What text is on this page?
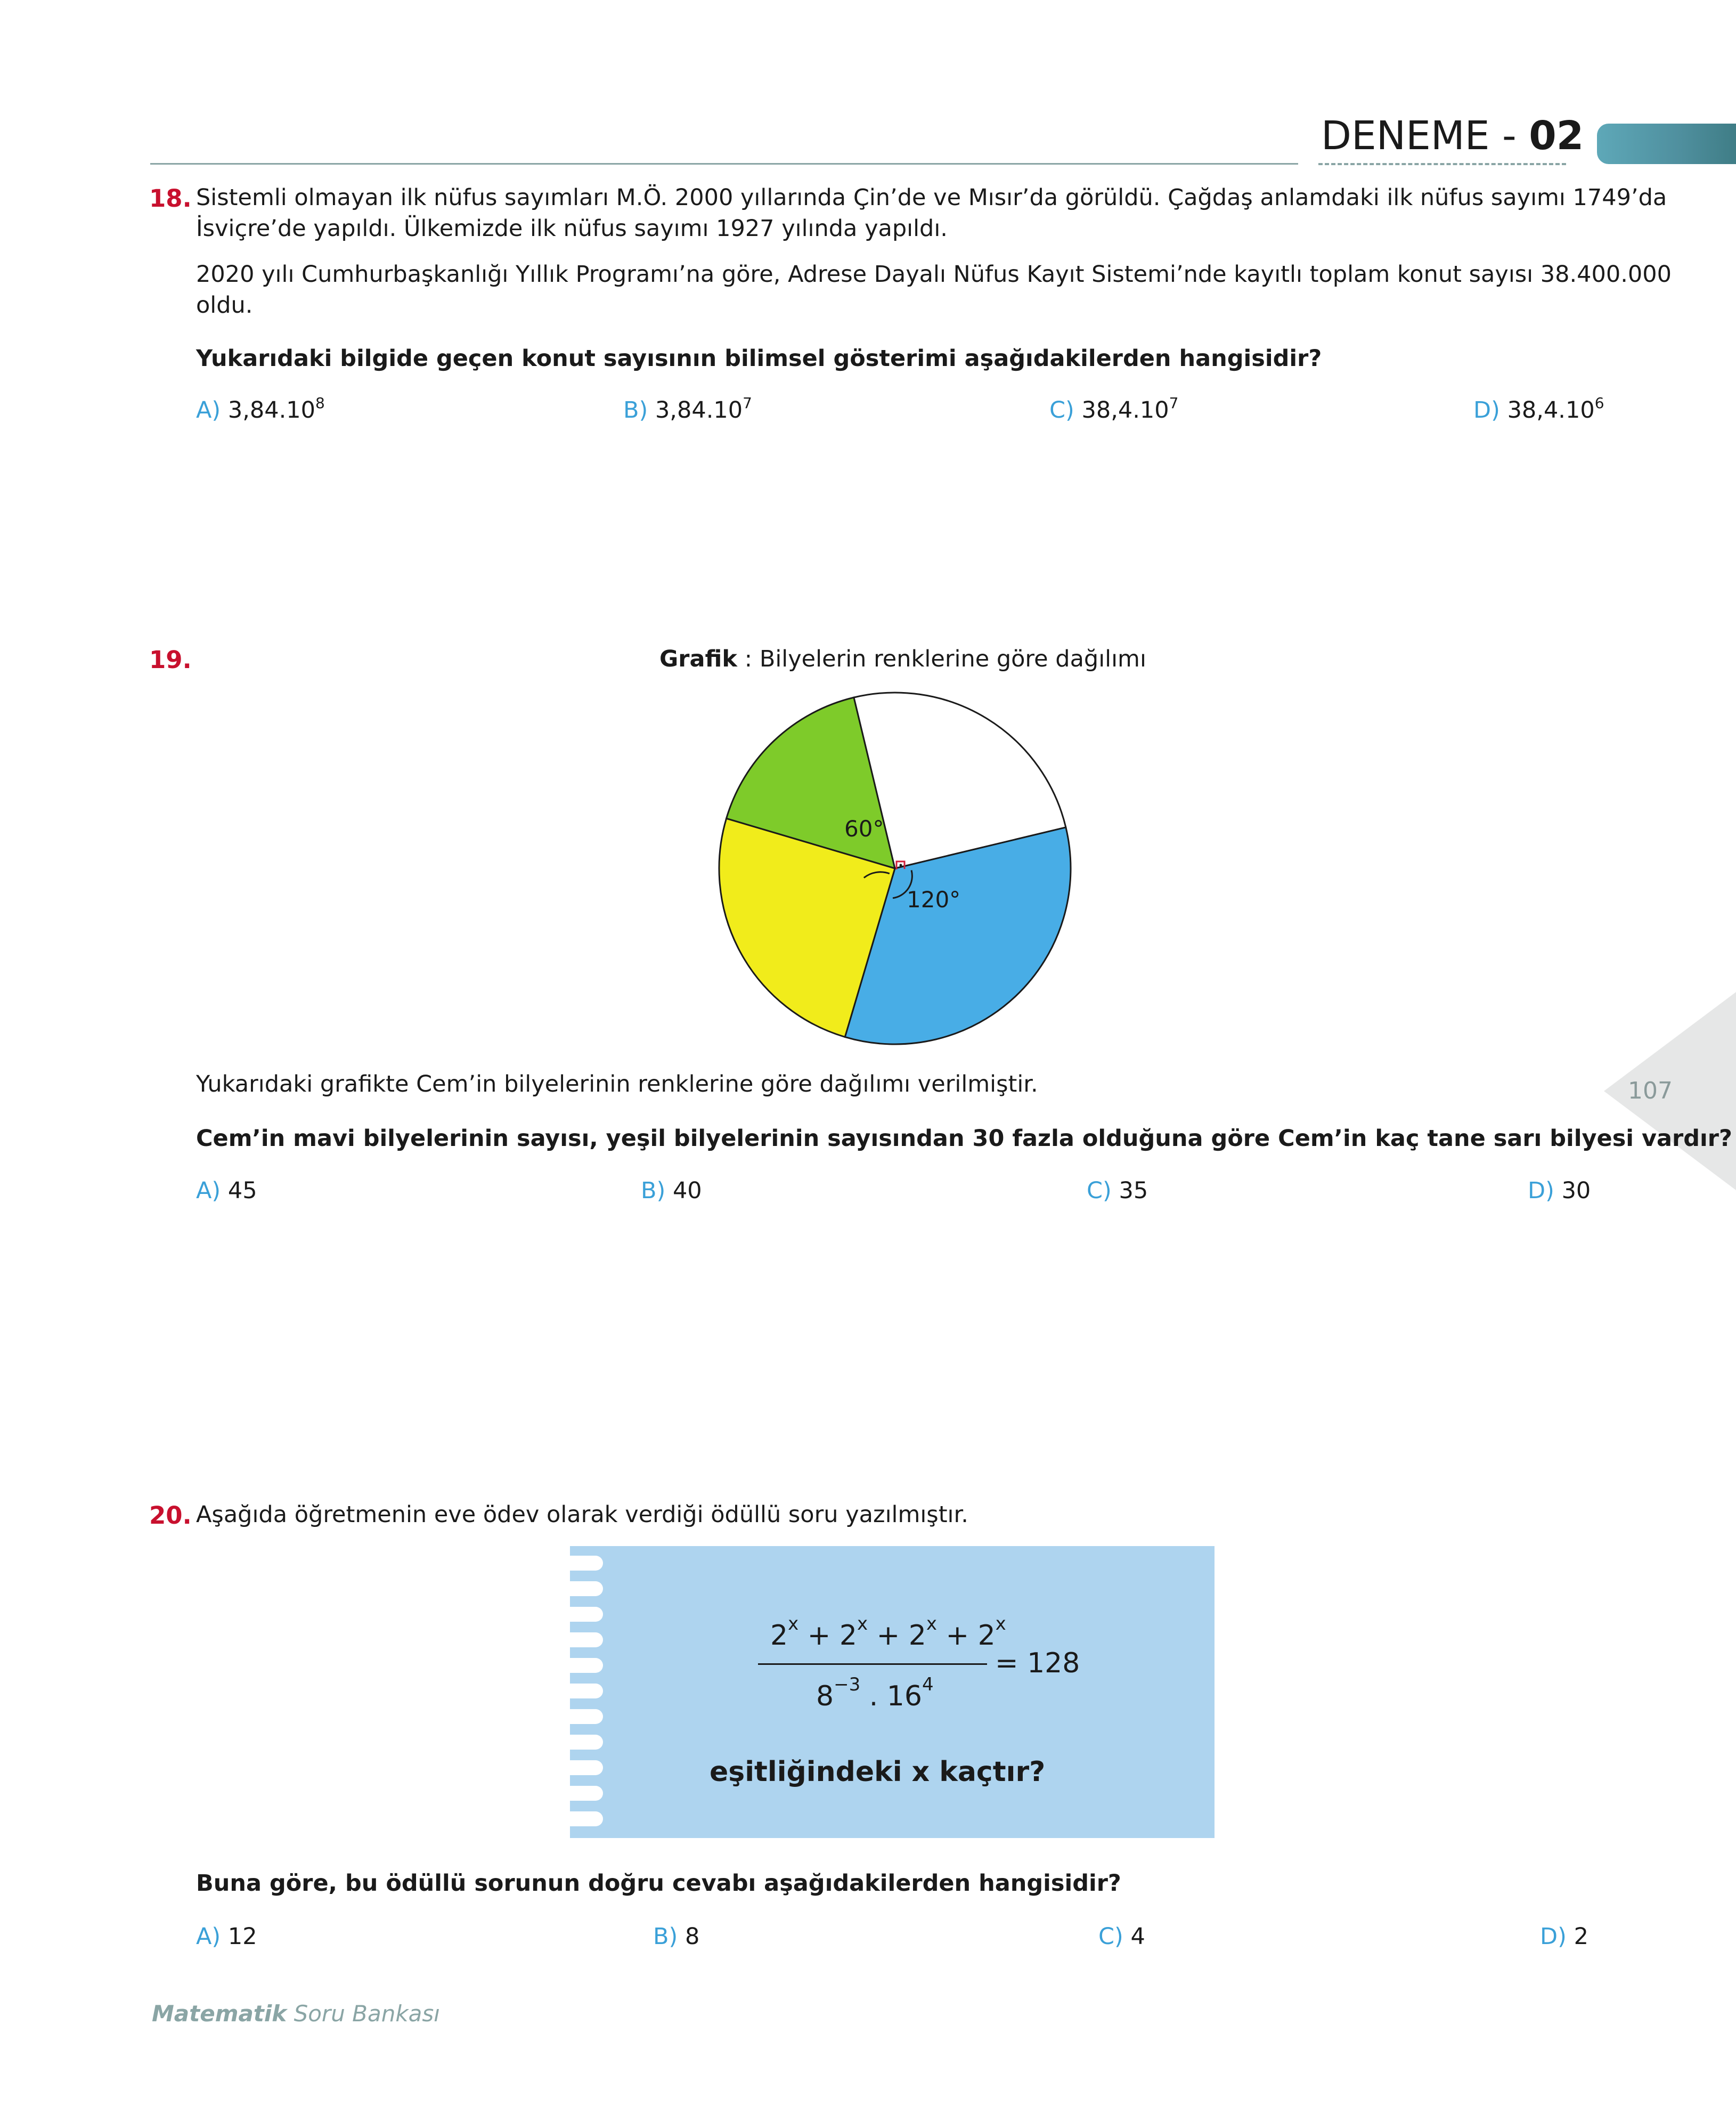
DENEME - 02
107
18. Sistemli olmayan ilk nüfus sayımları M.Ö. 2000 yıllarında Çin’de ve Mısır’da görüldü. Çağdaş anlamdaki ilk nüfus sayımı 1749’da
İsviçre’de yapıldı. Ülkemizde ilk nüfus sayımı 1927 yılında yapıldı.
2020 yılı Cumhurbaşkanlığı Yıllık Programı’na göre, Adrese Dayalı Nüfus Kayıt Sistemi’nde kayıtlı toplam konut sayısı 38.400.000
oldu.
Yukarıdaki bilgide geçen konut sayısının bilimsel gösterimi aşağıdakilerden hangisidir?
A) 3,84.10$^8$	B) 3,84.10$^7$	C) 38,4.10$^7$	D) 38,4.10$^6$
19.	Grafik : Bilyelerin renklerine göre dağılımı
60°
120°
Yukarıdaki grafikte Cem’in bilyelerinin renklerine göre dağılımı verilmiştir.
Cem’in mavi bilyelerinin sayısı, yeşil bilyelerinin sayısından 30 fazla olduğuna göre Cem’in kaç tane sarı bilyesi vardır?
A) 45	B) 40	C) 35	D) 30
20. Aşağıda öğretmenin eve ödev olarak verdiği ödüllü soru yazılmıştır.
$2^x + 2^x + 2^x + 2^x$
$8^{-3}$ . $16^4$
= 128
eşitliğindeki x kaçtır?
Buna göre, bu ödüllü sorunun doğru cevabı aşağıdakilerden hangisidir?
A) 12	B) 8	C) 4	D) 2
Matematik Soru Bankası
